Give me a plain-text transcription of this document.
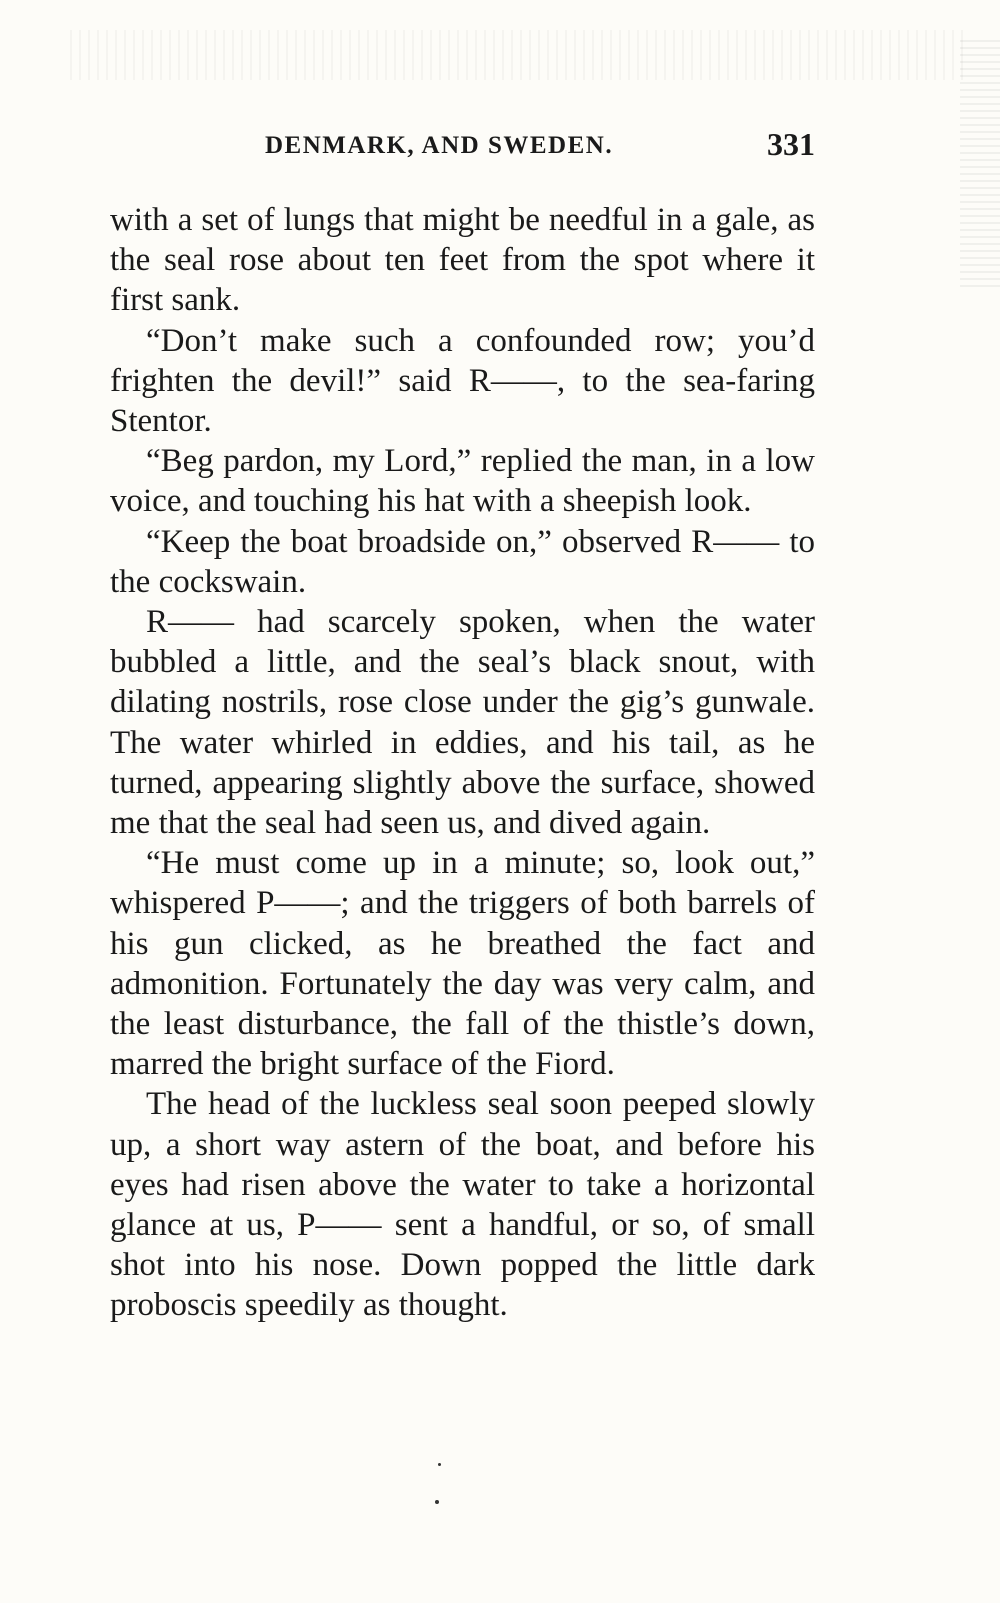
DENMARK, AND SWEDEN.	331

with a set of lungs that might be needful in a gale, as the seal rose about ten feet from the spot where it first sank.

“Don’t make such a confounded row; you’d frighten the devil!” said R——, to the sea-faring Stentor.

“Beg pardon, my Lord,” replied the man, in a low voice, and touching his hat with a sheepish look.

“Keep the boat broadside on,” observed R—— to the cockswain.

R—— had scarcely spoken, when the water bubbled a little, and the seal’s black snout, with dilating nostrils, rose close under the gig’s gunwale. The water whirled in eddies, and his tail, as he turned, appearing slightly above the surface, showed me that the seal had seen us, and dived again.

“He must come up in a minute; so, look out,” whispered P——; and the triggers of both barrels of his gun clicked, as he breathed the fact and admonition. Fortunately the day was very calm, and the least disturbance, the fall of the thistle’s down, marred the bright surface of the Fiord.

The head of the luckless seal soon peeped slowly up, a short way astern of the boat, and before his eyes had risen above the water to take a horizontal glance at us, P—— sent a handful, or so, of small shot into his nose. Down popped the little dark proboscis speedily as thought.
